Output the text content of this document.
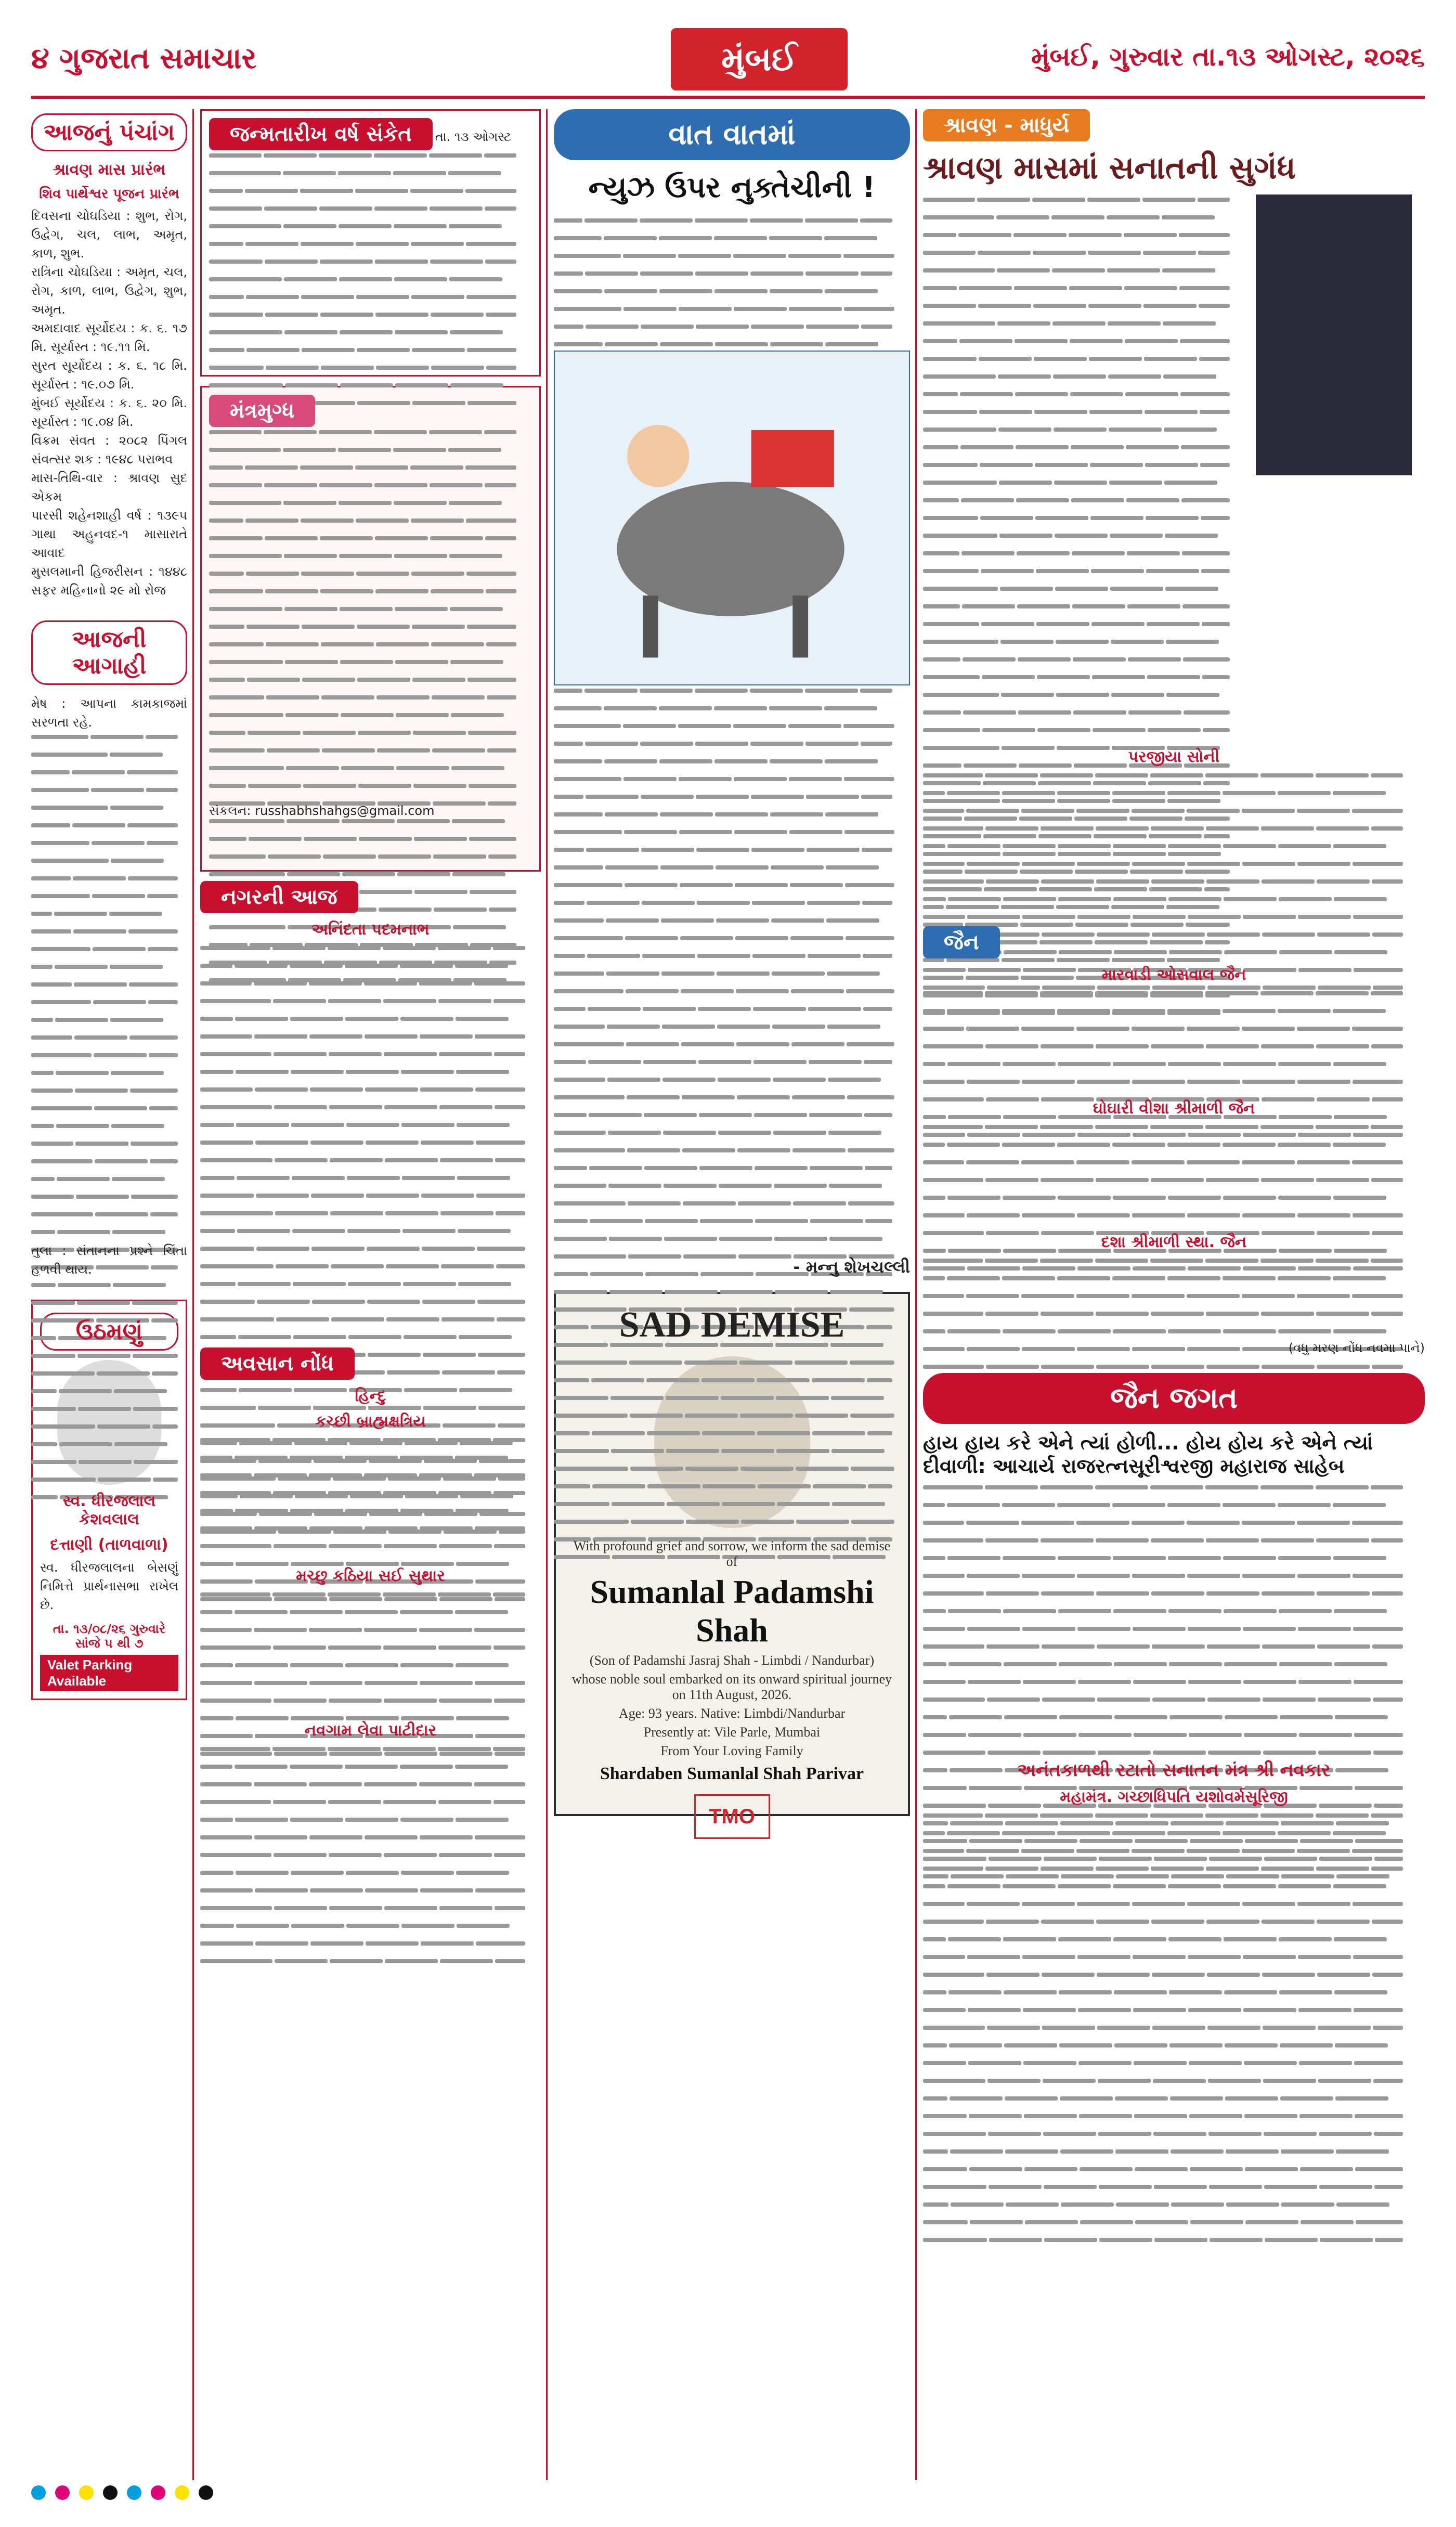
૪ ગુજરાત સમાચાર	મુંબઈ	મુંબઈ, ગુરુવાર તા.૧૩ ઓગસ્ટ, ૨૦૨૬
આજનું પંચાંગ
શ્રાવણ માસ પ્રારંભ
શિવ પાર્થેશ્વર પૂજન પ્રારંભ
દિવસના ચોઘડિયા : શુભ, રોગ, ઉદ્વેગ, ચલ, લાભ, અમૃત, કાળ, શુભ.
રાત્રિના ચોઘડિયા : અમૃત, ચલ, રોગ, કાળ, લાભ, ઉદ્વેગ, શુભ, અમૃત.
અમદાવાદ સૂર્યોદય : ક. ૬. ૧૭ મિ. સૂર્યાસ્ત : ૧૯.૧૧ મિ.
સુરત સૂર્યોદય : ક. ૬. ૧૮ મિ. સૂર્યાસ્ત : ૧૯.૦૭ મિ.
મુંબઈ સૂર્યોદય : ક. ૬. ૨૦ મિ. સૂર્યાસ્ત : ૧૯.૦૪ મિ.
વિક્રમ સંવત : ૨૦૮૨ પિંગલ સંવત્સર શક : ૧૯૪૮ પરાભવ
માસ-તિથિ-વાર : શ્રાવણ સુદ એકમ
પારસી શહેનશાહી વર્ષ : ૧૩૯૫ ગાથા અહુનવદ-૧ માસારાતે આવાદ
મુસલમાની હિજરીસન : ૧૪૪૮ સફર મહિનાનો ૨૯ મો રોજ
આજની આગાહી
મેષ : આપના કામકાજમાં સરળતા રહે.
તુલા : સંતાનના પ્રશ્ને ચિંતા હળવી થાય.
ઉઠમણું
સ્વ. ધીરજલાલ કેશવલાલ
દત્તાણી (તાળવાળા)
સ્વ. ધીરજલાલના બેસણું નિમિત્તે પ્રાર્થનાસભા રાખેલ છે.
તા. ૧૩/૦૮/૨૬ ગુરુવારે સાંજે ૫ થી ૭
Valet Parking Available
જન્મતારીખ વર્ષ સંકેત તા. ૧૩ ઓગસ્ટ
મંત્રમુગ્ધ
સંકલન: russhabhshahgs@gmail.com
નગરની આજ
અનિંદતા પદમનાભ
અવસાન નોંધ
હિન્દુ
કચ્છી બ્રાહ્મક્ષત્રિય
મચ્છુ કઠિયા સઈ સુથાર
નવગામ લેવા પાટીદાર
વાત વાતમાં
ન્યુઝ ઉપર નુક્તેચીની !
- મન્નુ શેખચલ્લી
SAD DEMISE
With profound grief and sorrow, we inform the sad demise of
Sumanlal Padamshi Shah
(Son of Padamshi Jasraj Shah - Limbdi / Nandurbar)
whose noble soul embarked on its onward spiritual journey on 11th August, 2026.
Age: 93 years. Native: Limbdi/Nandurbar
Presently at: Vile Parle, Mumbai
From Your Loving Family
Shardaben Sumanlal Shah Parivar
TMO
શ્રાવણ - માધુર્ય
શ્રાવણ માસમાં સનાતની સુગંધ
પરજીયા સોની
જૈન
મારવાડી ઓસવાલ જૈન
ઘોઘારી વીશા શ્રીમાળી જૈન
દશા શ્રીમાળી સ્થા. જૈન
(વધુ મરણ નોંધ નવમા પાને)
જૈન જગત
હાય હાય કરે એને ત્યાં હોળી... હોય હોય કરે એને ત્યાં દીવાળી: આચાર્ય રાજરત્નસૂરીશ્વરજી મહારાજ સાહેબ
અનંતકાળથી રટાતો સનાતન મંત્ર શ્રી નવકાર
મહામંત્ર. ગચ્છાધિપતિ યશોવર્મસૂરિજી
